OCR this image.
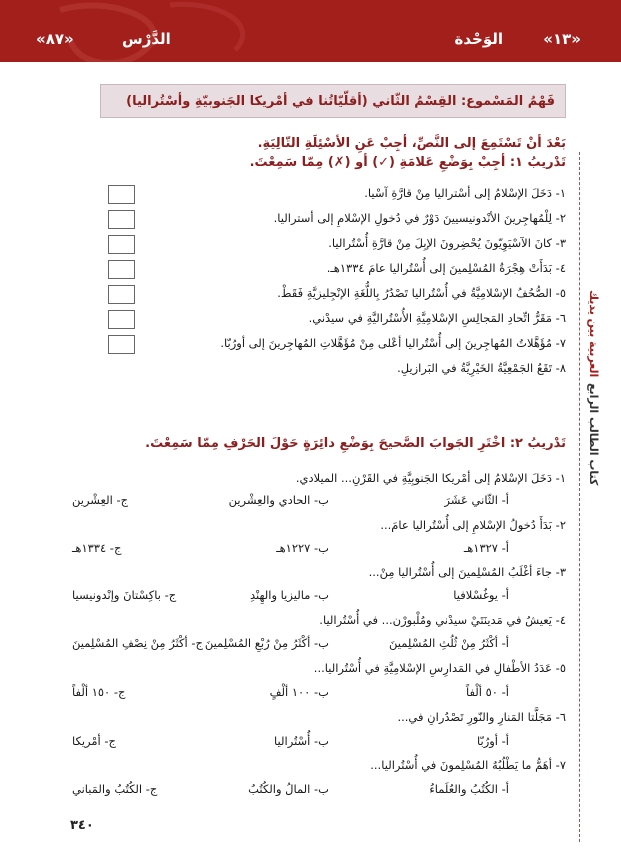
الوَحْدة	«١٣»
الدَّرْس
«٨٧»
فَهْمُ المَسْموع: القِسْمُ الثّاني (أقلّيّاتُنا في أمْريكا الجَنوبيّةِ وأسْتُراليا)
بَعْدَ أنْ تَسْتَمِعَ إلى النَّصِّ، أجِبْ عَنِ الأسْئِلَةِ التّالِيَةِ.
تَدْريبُ ١: أجِبْ بِوَضْعِ عَلامَةِ (✓) أو (✗) مِمّا سَمِعْتَ.
١- دَخَلَ الإسْلامُ إلى أسْتراليا مِنْ قارَّةِ آسْيا.
٢- لِلْمُهاجِرينَ الأنْدونيسيينَ دَوْرٌ في دُخولِ الإسْلامِ إلى أستراليا.
٣- كانَ الآسْيَوِيّونَ يُحْضِرونَ الإبِلَ مِنْ قارَّةِ أُسْتُراليا.
٤- بَدَأَتْ هِجْرَةُ المُسْلِمينَ إلى أُسْتُراليا عامَ ١٣٣٤هـ.
٥- الصُّحُفُ الإسْلامِيَّةُ في أُسْتُراليا تَصْدُرُ بِاللُّغَةِ الإنْجِليزيَّةِ فَقَطْ.
٦- مَقَرُّ اتِّحادِ المَجالِسِ الإسْلامِيَّةِ الأُسْتُراليَّةِ في سيدْني.
٧- مُؤَهَّلاتُ المُهاجِرينَ إلى أُسْتُراليا أعْلى مِنْ مُؤَهَّلاتِ المُهاجِرينَ إلى أورُبّا.
٨- تَقَعُ الجَمْعِيَّةُ الخَيْرِيَّةُ في البَرازيلِ. العربية بين يديك
كتاب الطالب الرابع
تَدْريبُ ٢: اخْتَرِ الجَوابَ الصَّحيحَ بِوَضْعِ دائِرَةٍ حَوْلَ الحَرْفِ مِمّا سَمِعْتَ.
١- دَخَلَ الإسْلامُ إلى أمْريكا الجَنوبِيَّةِ في القَرْنِ... الميلادي.
أ- الثّاني عَشَرَ
ب- الحادي والعِشْرين
ج- العِشْرين
٢- بَدَأَ دُخولُ الإسْلامِ إلى أُسْتُراليا عامَ...
أ- ١٣٢٧هـ
ب- ١٢٢٧هـ
ج- ١٣٣٤هـ
٣- جاءَ أغْلَبُ المُسْلِمينَ إلى أُسْتُراليا مِنْ...
أ- يوغُسْلافيا
ب- ماليزيا والهِنْدِ
ج- باكِسْتانَ وإنْدونيسيا
٤- يَعيشُ في مَدينَتَيْ سيدْني ومُلْبورْن... في أُسْتُراليا.
أ- أكْثَرُ مِنْ ثُلُثِ المُسْلِمينَ
ب- أكْثَرُ مِنْ رُبْعِ المُسْلِمينَ
ج- أكْثَرُ مِنْ نِصْفِ المُسْلِمينَ
٥- عَدَدُ الأطْفالِ في المَدارِسِ الإسْلامِيَّةِ في أُسْتُراليا...
أ- ٥٠ ألْفاً
ب- ١٠٠ ألْفٍ
ج- ١٥٠ ألْفاً
٦- مَجَلَّتا المَنارِ والنّورِ تَصْدُرانِ في...
أ- أورُبّا
ب- أُسْتُراليا
ج- أمْريكا
٧- أهَمُّ ما يَطْلُبُهُ المُسْلِمونَ في أُسْتُراليا...
أ- الكُتُبُ والعُلَماءُ
ب- المالُ والكُتُبُ
ج- الكُتُبُ والمَباني
٣٤٠
